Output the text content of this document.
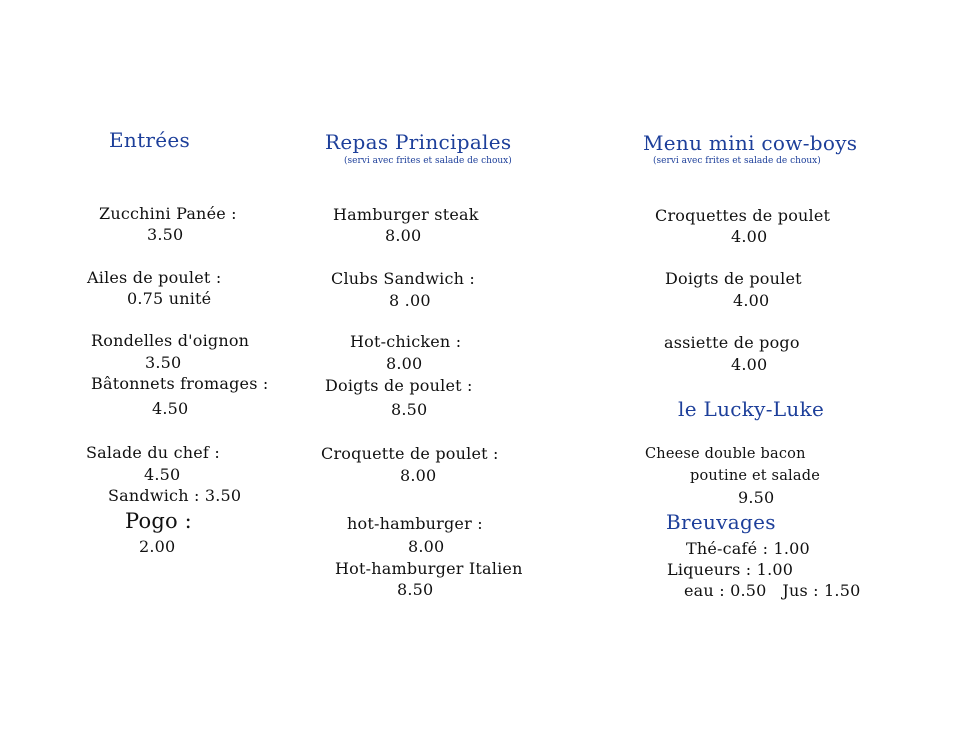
Entrées
Zucchini Panée :
3.50
Ailes de poulet :
0.75 unité
Rondelles d'oignon
3.50
Bâtonnets fromages :
4.50
Salade du chef :
4.50
Sandwich : 3.50
Pogo :
2.00
Repas Principales
(servi avec frites et salade de choux)
Hamburger steak
8.00
Clubs Sandwich :
8 .00
Hot-chicken :
8.00
Doigts de poulet :
8.50
Croquette de poulet :
8.00
hot-hamburger :
8.00
Hot-hamburger Italien
8.50
Menu mini cow-boys
(servi avec frites et salade de choux)
Croquettes de poulet
4.00
Doigts de poulet
4.00
assiette de pogo
4.00
le Lucky-Luke
Cheese double bacon
poutine et salade
9.50
Breuvages
Thé-café : 1.00
Liqueurs : 1.00
eau : 0.50   Jus : 1.50
